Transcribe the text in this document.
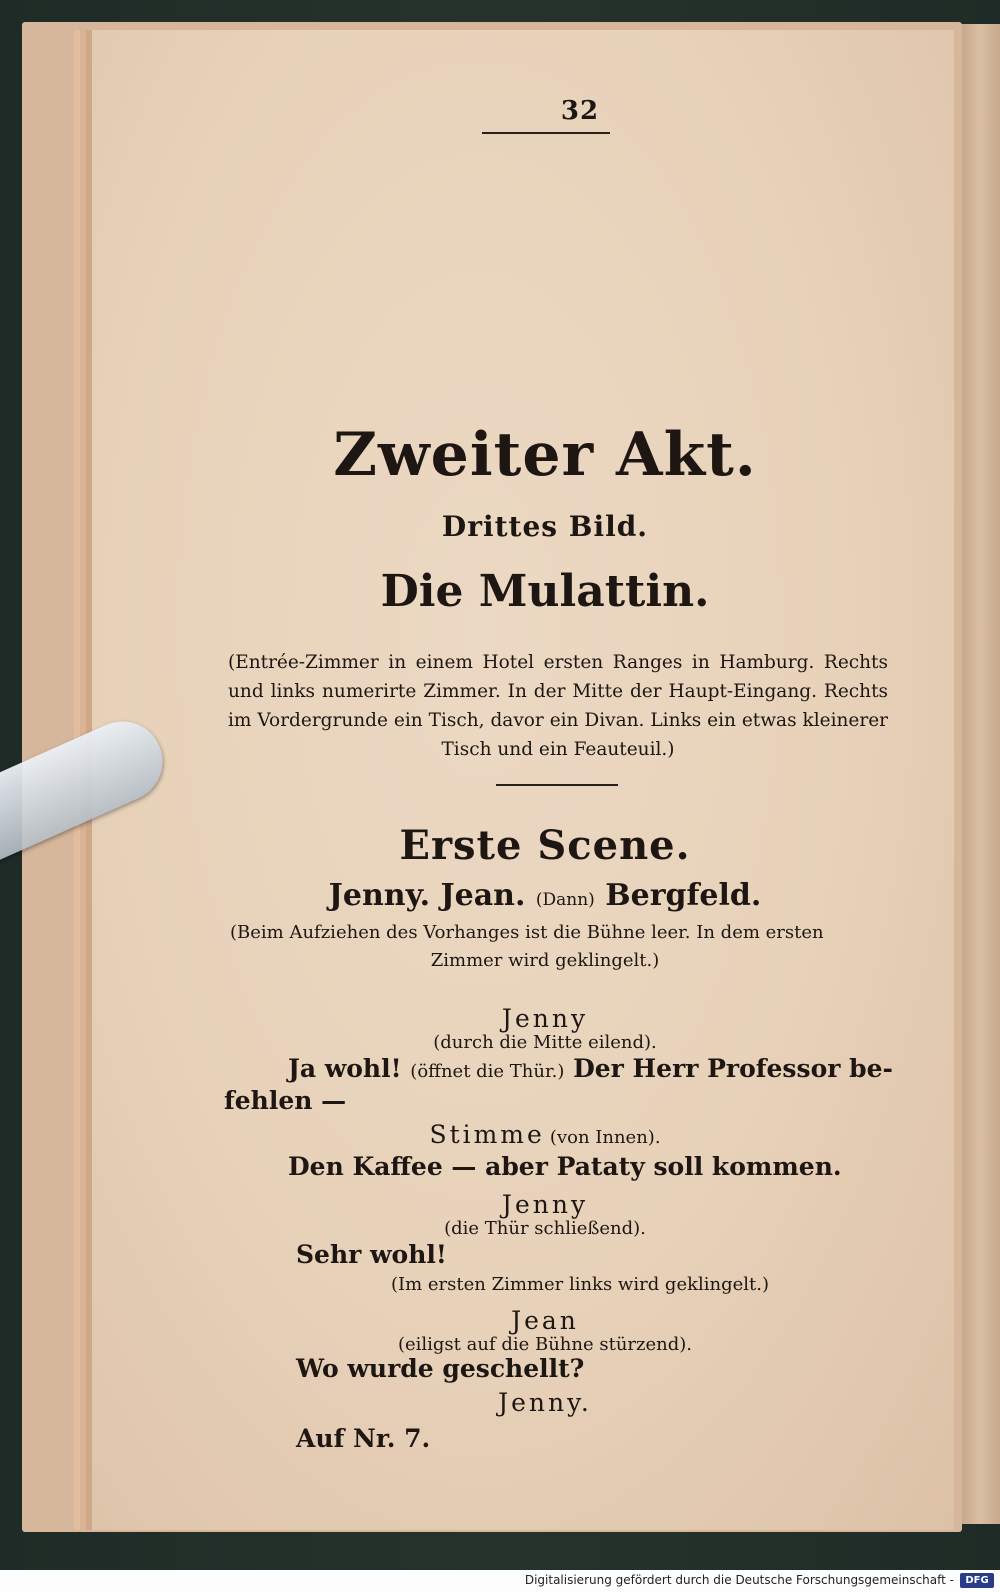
32
Zweiter Akt.
Drittes Bild.
Die Mulattin.
(Entrée-Zimmer in einem Hotel ersten Ranges in Hamburg. Rechts und links numerirte Zimmer. In der Mitte der Haupt-Eingang. Rechts im Vordergrunde ein Tisch, davor ein Divan. Links ein etwas kleinerer Tisch und ein Feauteuil.)
Erste Scene.
Jenny. Jean. (Dann) Bergfeld.
(Beim Aufziehen des Vorhanges ist die Bühne leer. In dem ersten
Zimmer wird geklingelt.)
Jenny
(durch die Mitte eilend).
Ja wohl! (öffnet die Thür.) Der Herr Professor be-
fehlen —
Stimme (von Innen).
Den Kaffee — aber Pataty soll kommen.
Jenny
(die Thür schließend).
Sehr wohl!
(Im ersten Zimmer links wird geklingelt.)
Jean
(eiligst auf die Bühne stürzend).
Wo wurde geschellt?
Jenny.
Auf Nr. 7.
Digitalisierung gefördert durch die Deutsche Forschungsgemeinschaft -	DFG
